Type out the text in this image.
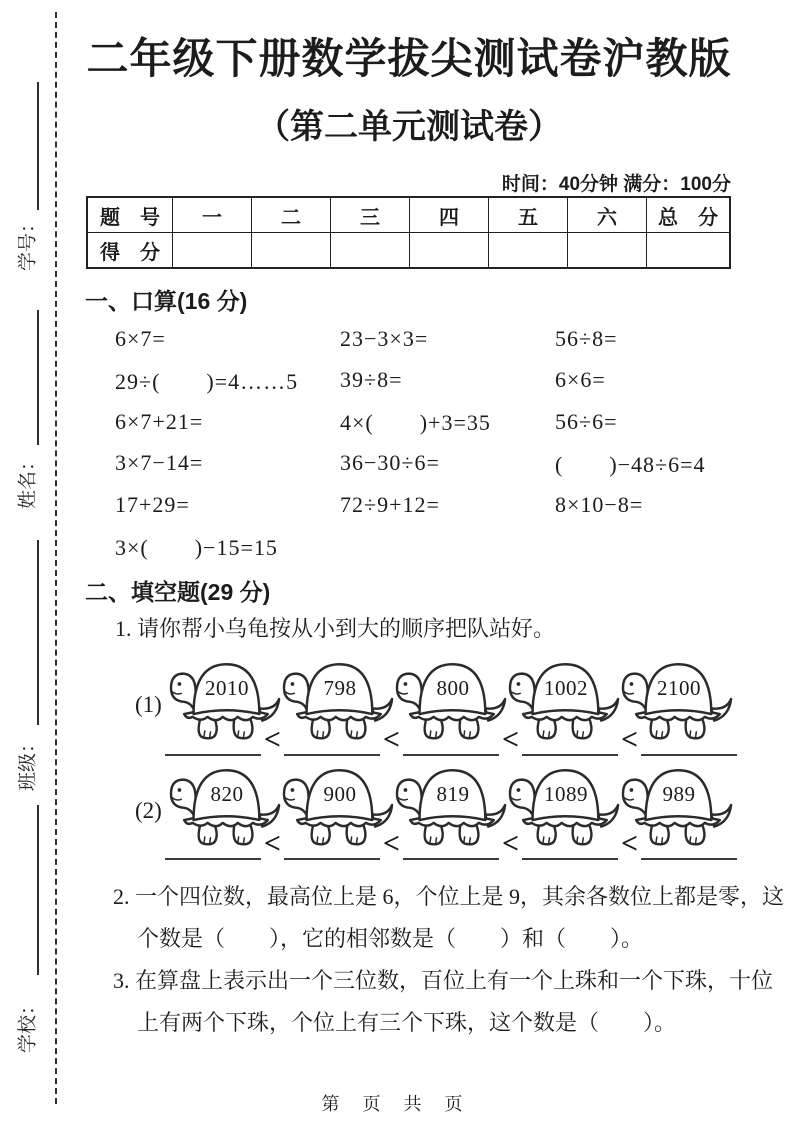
学号：
姓名：
班级：
学校：
二年级下册数学拔尖测试卷沪教版
（第二单元测试卷）
时间：40分钟 满分：100分
题　号	一	二	三	四	五	六	总　分
得　分							
一、口算(16 分)
6×7=	23−3×3=	56÷8=
29÷(　　)=4……5	39÷8=	6×6=
6×7+21=	4×(　　)+3=35	56÷6=
3×7−14=	36−30÷6=	(　　)−48÷6=4
17+29=	72÷9+12=	8×10−8=
3×(　　)−15=15
二、填空题(29 分)
1. 请你帮小乌龟按从小到大的顺序把队站好。
(1)
2010	798	800	1002	2100
<	<	<	<
(2)
820	900	819	1089	989
<	<	<	<
2. 一个四位数，最高位上是 6，个位上是 9，其余各数位上都是零，这
个数是（　　），它的相邻数是（　　）和（　　）。
3. 在算盘上表示出一个三位数，百位上有一个上珠和一个下珠，十位
上有两个下珠，个位上有三个下珠，这个数是（　　）。
第 页 共 页
